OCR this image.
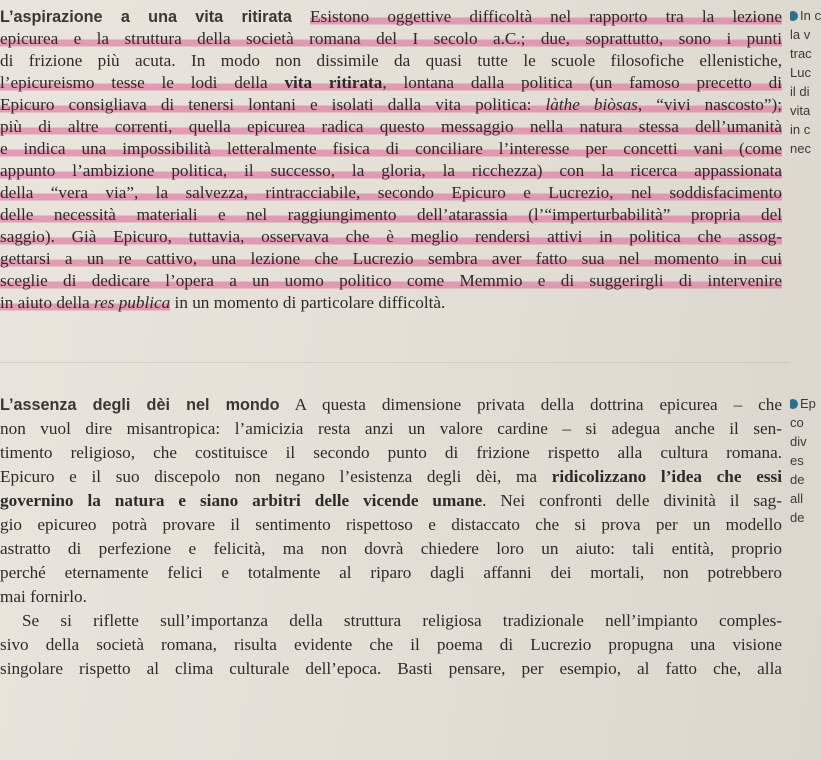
L’aspirazione a una vita ritirata Esistono oggettive difficoltà nel rapporto tra la lezione

epicurea e la struttura della società romana del I secolo a.C.; due, soprattutto, sono i punti

di frizione più acuta. In modo non dissimile da quasi tutte le scuole filosofiche ellenistiche,

l’epicureismo tesse le lodi della vita ritirata, lontana dalla politica (un famoso precetto di

Epicuro consigliava di tenersi lontani e isolati dalla vita politica: làthe biòsas, “vivi nascosto”);

più di altre correnti, quella epicurea radica questo messaggio nella natura stessa dell’umanità

e indica una impossibilità letteralmente fisica di conciliare l’interesse per concetti vani (come

appunto l’ambizione politica, il successo, la gloria, la ricchezza) con la ricerca appassionata

della “vera via”, la salvezza, rintracciabile, secondo Epicuro e Lucrezio, nel soddisfacimento

delle necessità materiali e nel raggiungimento dell’atarassia (l’“imperturbabilità” propria del

saggio). Già Epicuro, tuttavia, osservava che è meglio rendersi attivi in politica che assog-

gettarsi a un re cattivo, una lezione che Lucrezio sembra aver fatto sua nel momento in cui

sceglie di dedicare l’opera a un uomo politico come Memmio e di suggerirgli di intervenire

in aiuto della res publica in un momento di particolare difficoltà.

L’assenza degli dèi nel mondo A questa dimensione privata della dottrina epicurea – che

non vuol dire misantropica: l’amicizia resta anzi un valore cardine – si adegua anche il sen-

timento religioso, che costituisce il secondo punto di frizione rispetto alla cultura romana.

Epicuro e il suo discepolo non negano l’esistenza degli dèi, ma ridicolizzano l’idea che essi

governino la natura e siano arbitri delle vicende umane. Nei confronti delle divinità il sag-

gio epicureo potrà provare il sentimento rispettoso e distaccato che si prova per un modello

astratto di perfezione e felicità, ma non dovrà chiedere loro un aiuto: tali entità, proprio

perché eternamente felici e totalmente al riparo dagli affanni dei mortali, non potrebbero

mai fornirlo.

Se si riflette sull’importanza della struttura religiosa tradizionale nell’impianto comples-

sivo della società romana, risulta evidente che il poema di Lucrezio propugna una visione

singolare rispetto al clima culturale dell’epoca. Basti pensare, per esempio, al fatto che, alla

In c
la v
trac
Luc
il di
vita
in c
nec
Ep
co
div
es
de
all
de
